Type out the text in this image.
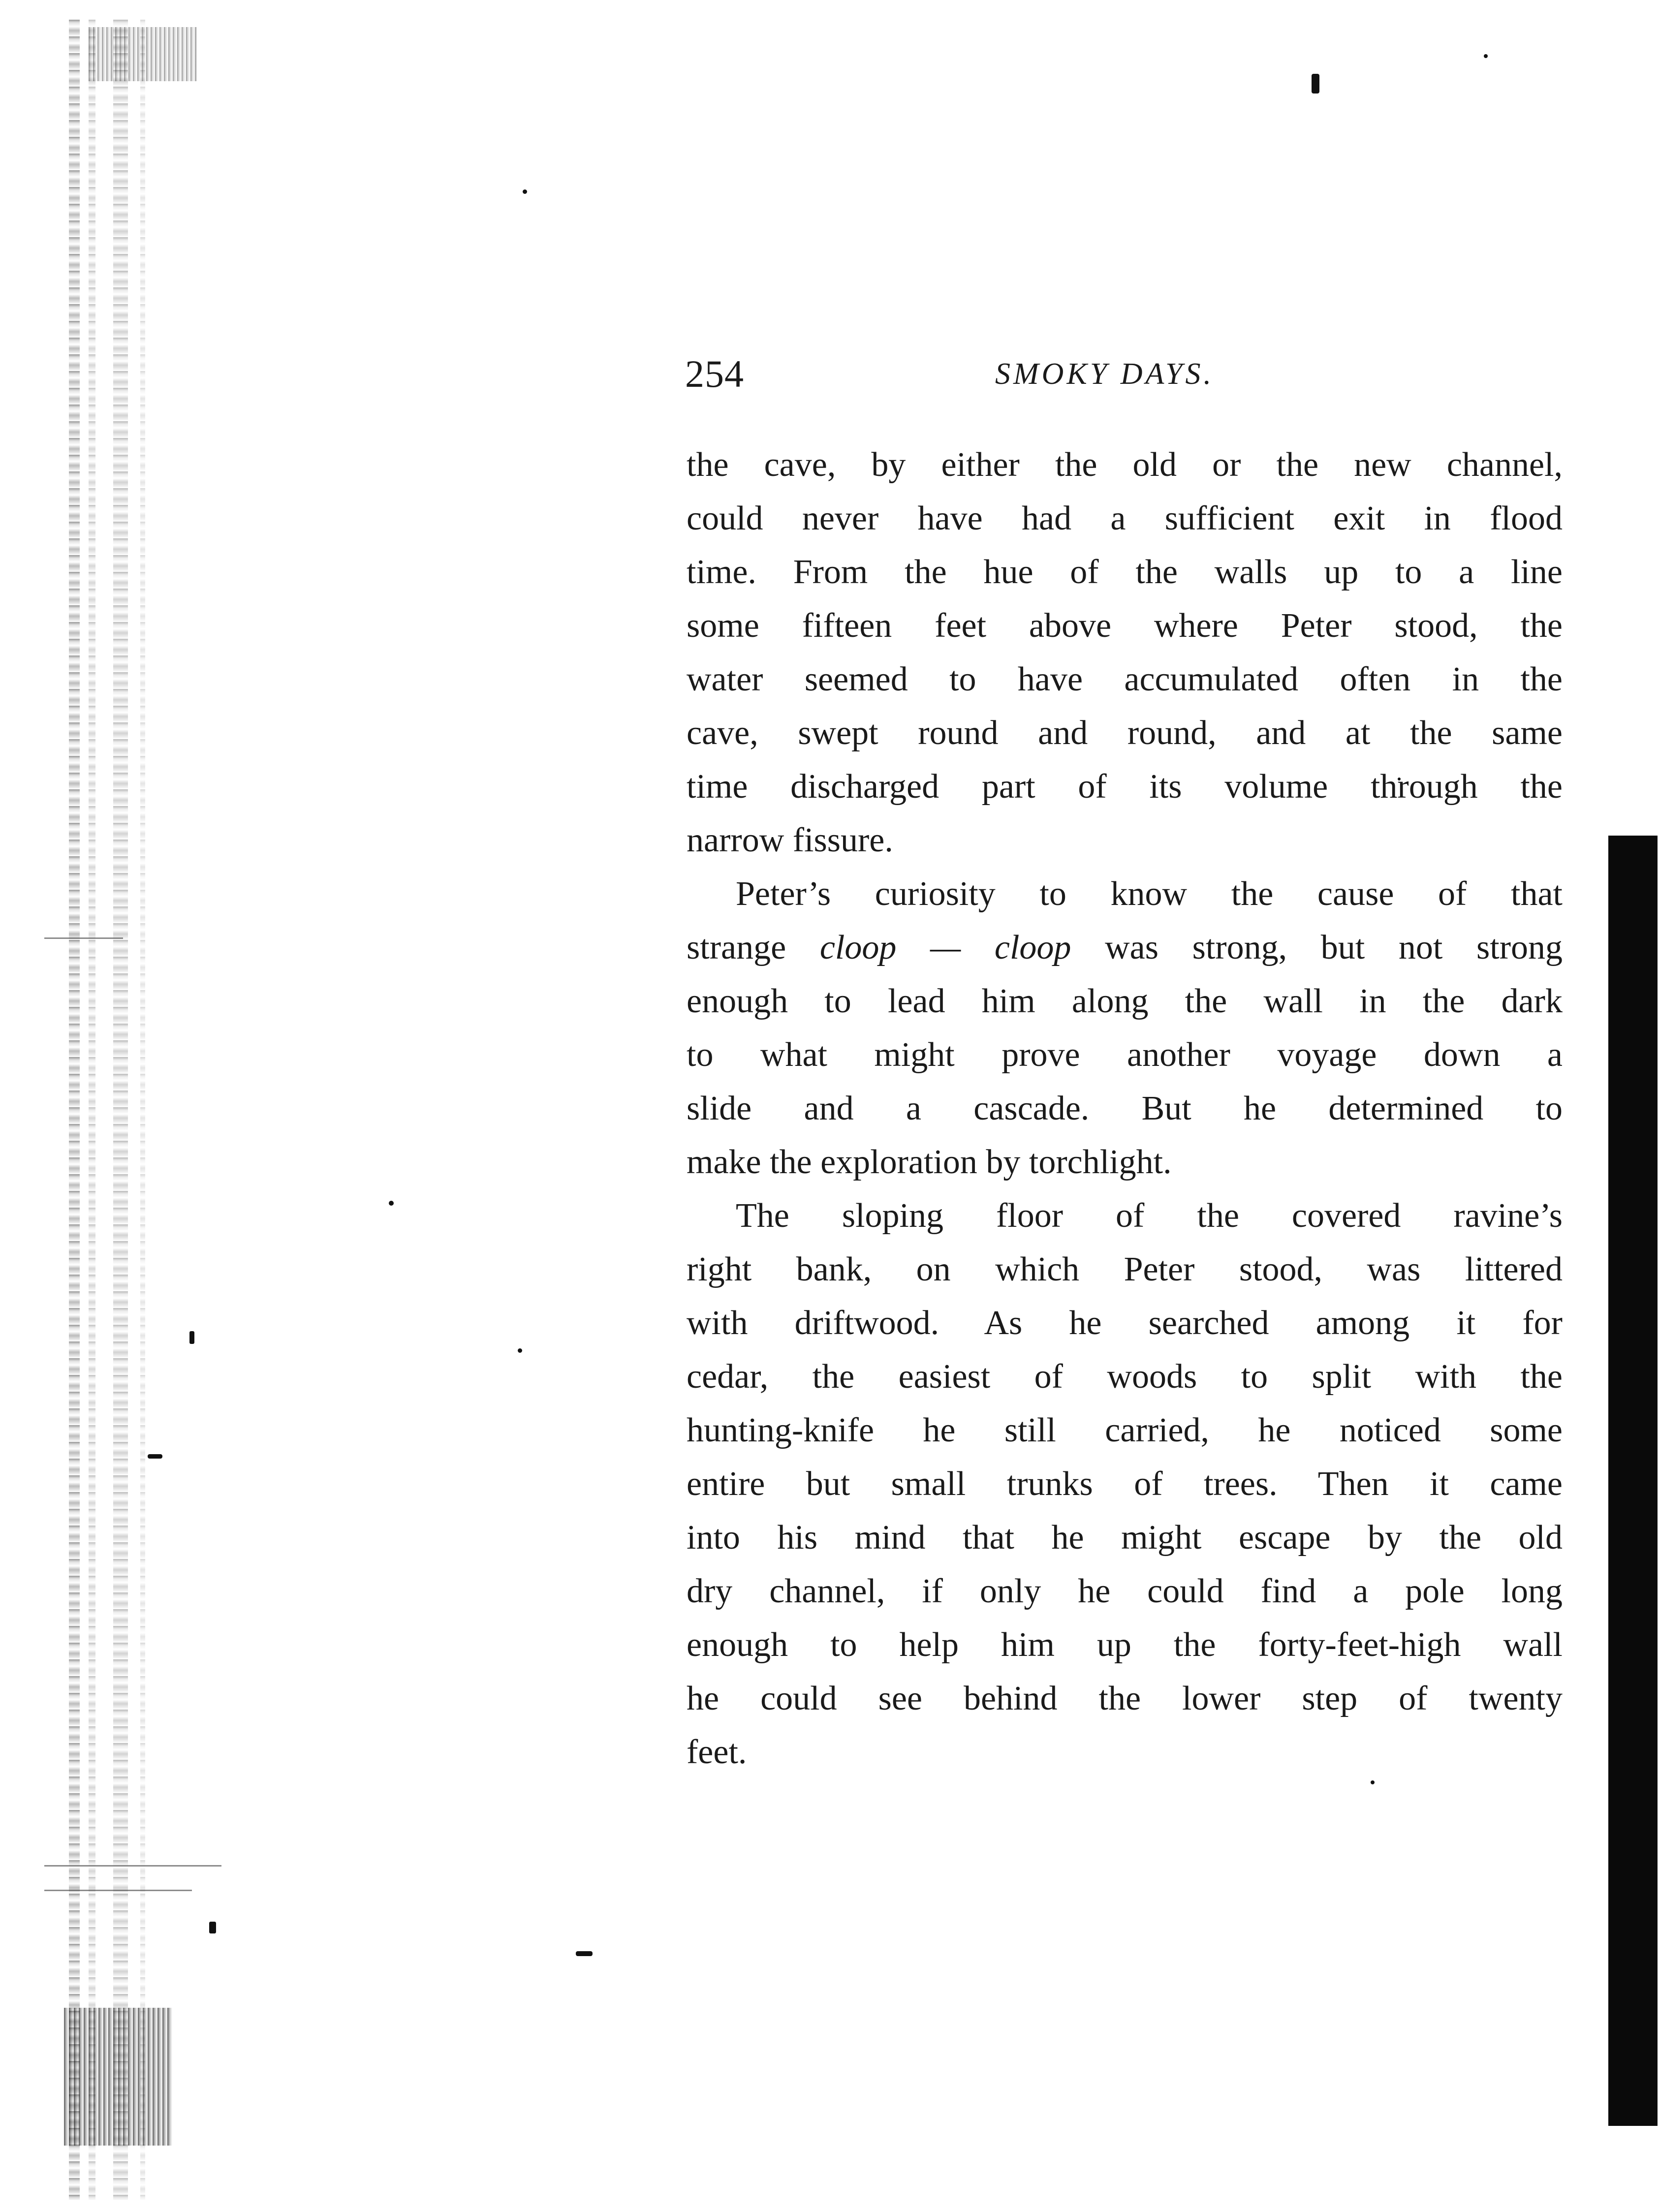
254	SMOKY DAYS.
the cave, by either the old or the new channel,
could never have had a sufficient exit in flood
time. From the hue of the walls up to a line
some fifteen feet above where Peter stood, the
water seemed to have accumulated often in the
cave, swept round and round, and at the same
time discharged part of its volume through the
narrow fissure.
Peter’s curiosity to know the cause of that
strange cloop — cloop was strong, but not strong
enough to lead him along the wall in the dark
to what might prove another voyage down a
slide and a cascade. But he determined to
make the exploration by torchlight.
The sloping floor of the covered ravine’s
right bank, on which Peter stood, was littered
with driftwood. As he searched among it for
cedar, the easiest of woods to split with the
hunting-knife he still carried, he noticed some
entire but small trunks of trees. Then it came
into his mind that he might escape by the old
dry channel, if only he could find a pole long
enough to help him up the forty-feet-high wall
he could see behind the lower step of twenty
feet.
